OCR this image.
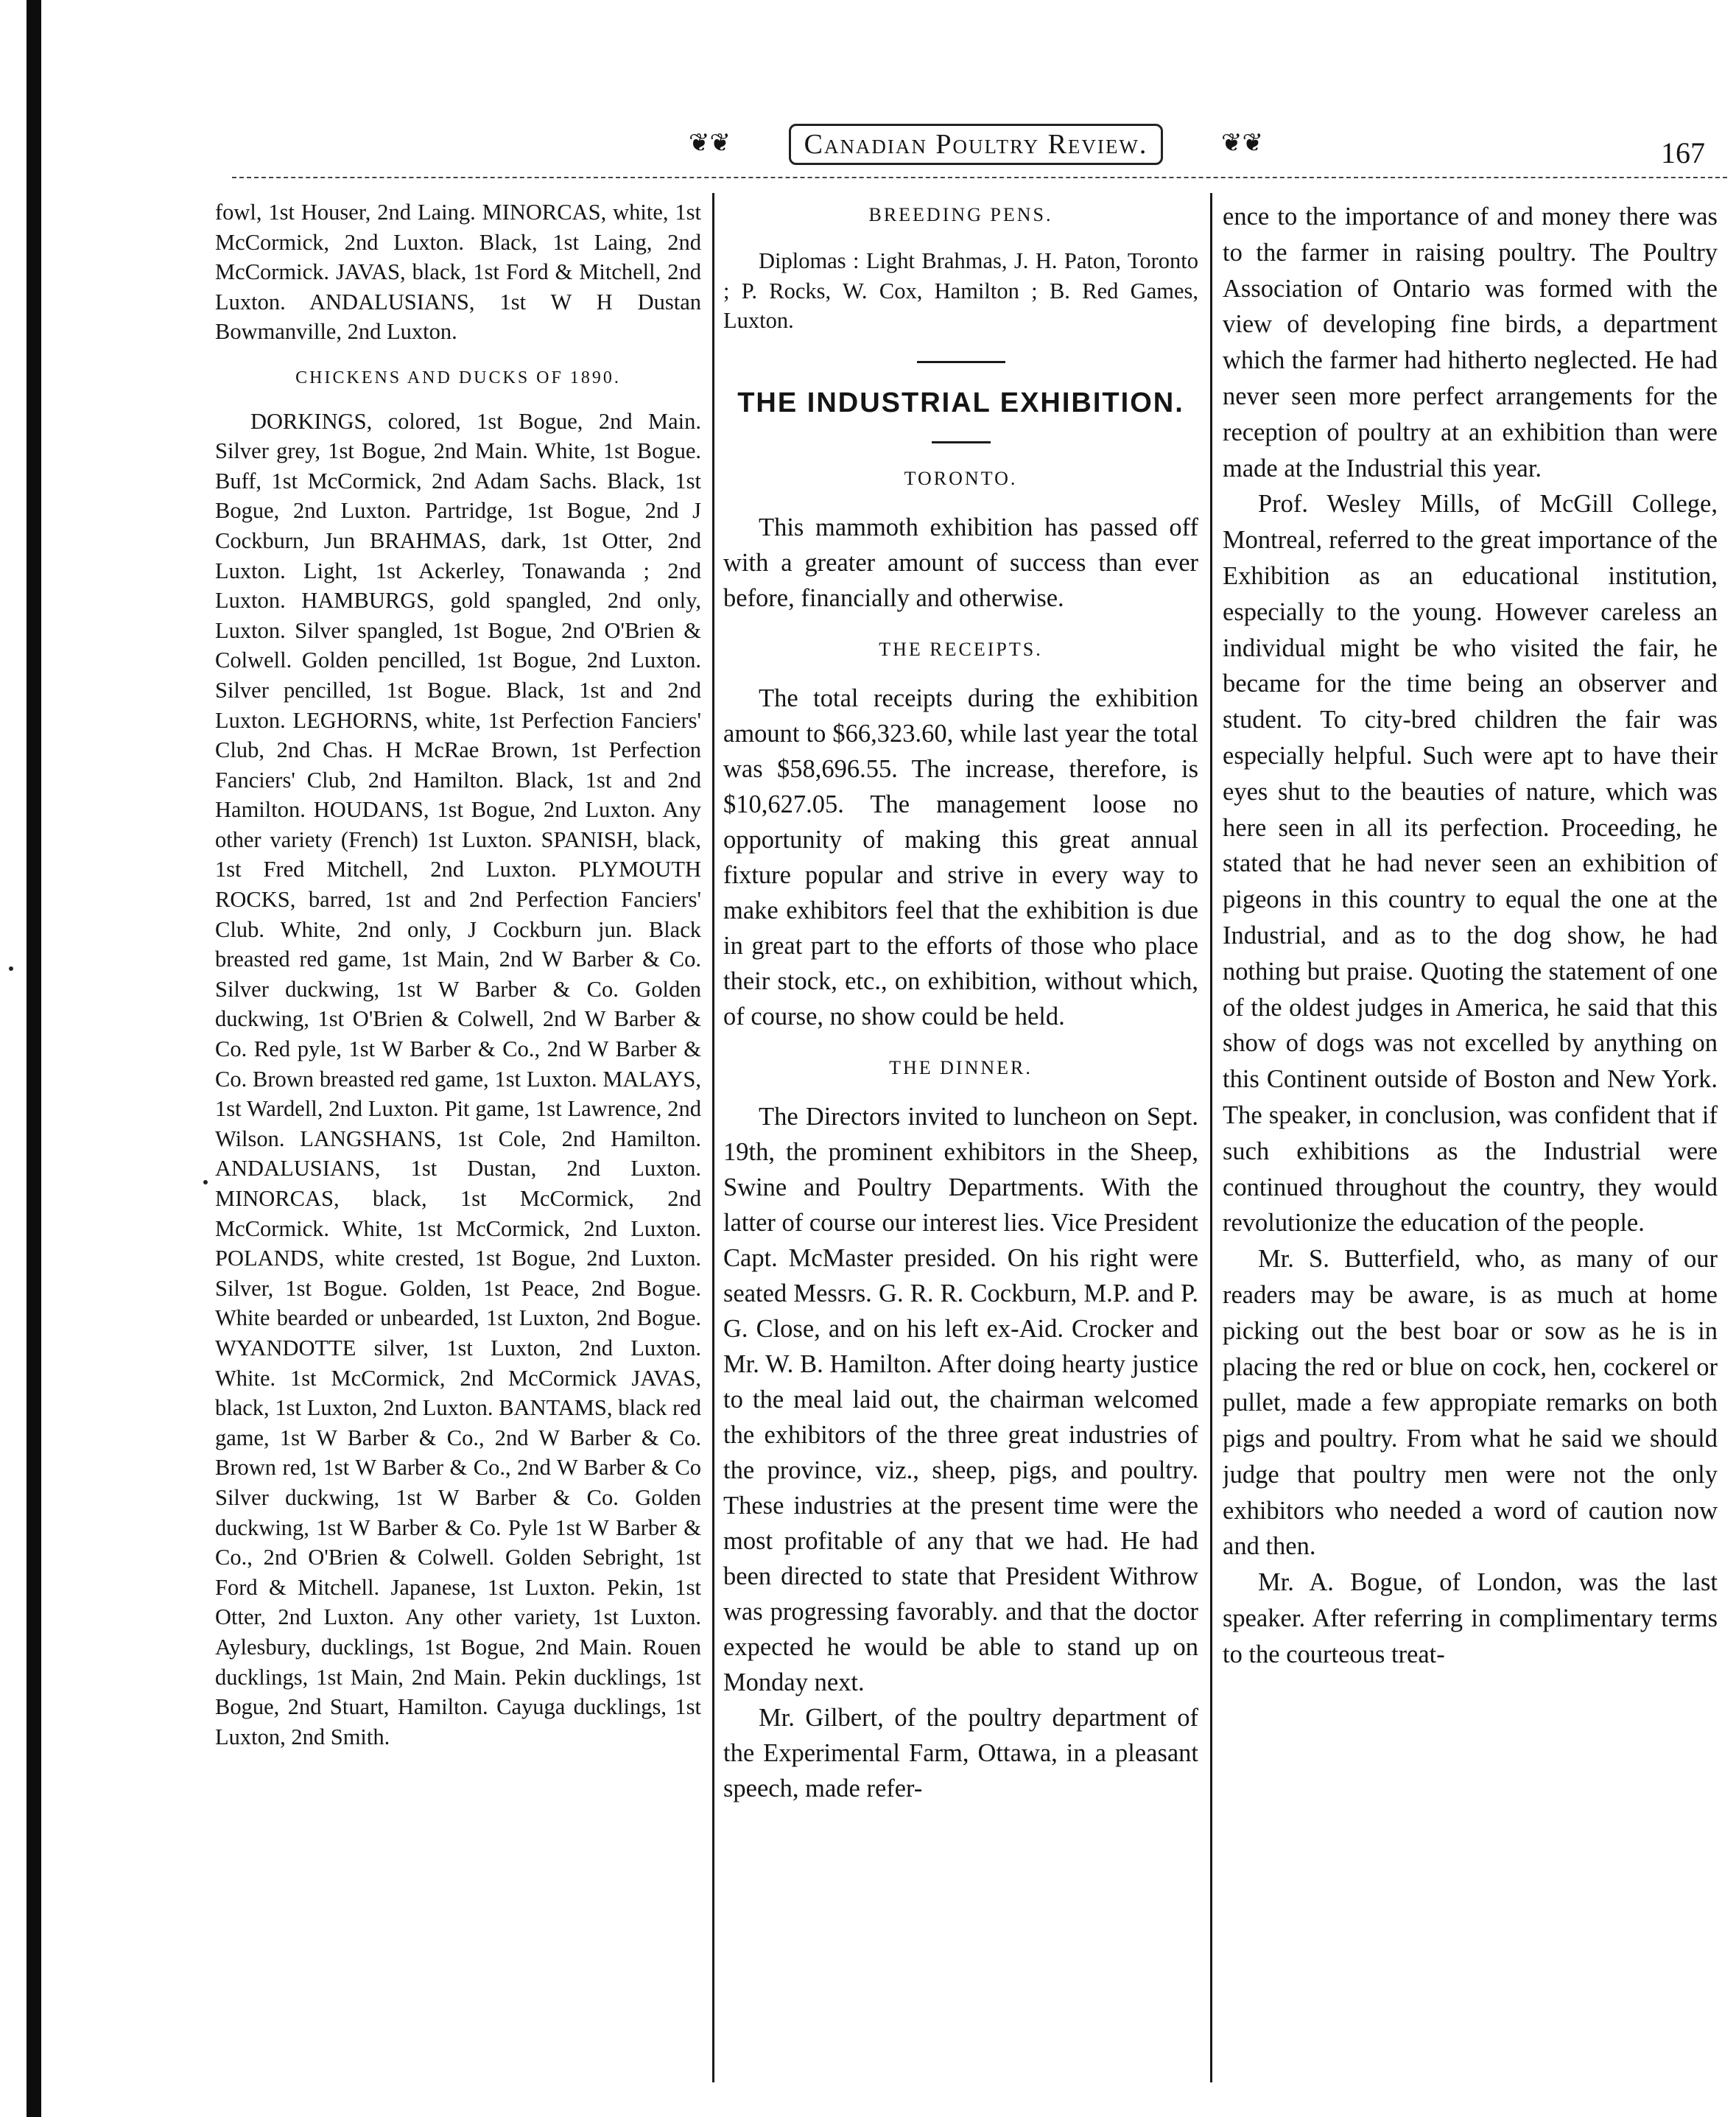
❦❦	Canadian Poultry Review.	❦❦	167

fowl, 1st Houser, 2nd Laing. MINORCAS, white, 1st McCormick, 2nd Luxton. Black, 1st Laing, 2nd McCormick. JAVAS, black, 1st Ford & Mitchell, 2nd Luxton. ANDALUSIANS, 1st W H Dustan Bowmanville, 2nd Luxton.

CHICKENS AND DUCKS OF 1890.

DORKINGS, colored, 1st Bogue, 2nd Main. Silver grey, 1st Bogue, 2nd Main. White, 1st Bogue. Buff, 1st McCormick, 2nd Adam Sachs. Black, 1st Bogue, 2nd Luxton. Partridge, 1st Bogue, 2nd J Cockburn, Jun BRAHMAS, dark, 1st Otter, 2nd Luxton. Light, 1st Ackerley, Tonawanda ; 2nd Luxton. HAMBURGS, gold spangled, 2nd only, Luxton. Silver spangled, 1st Bogue, 2nd O'Brien & Colwell. Golden pencilled, 1st Bogue, 2nd Luxton. Silver pencilled, 1st Bogue. Black, 1st and 2nd Luxton. LEGHORNS, white, 1st Perfection Fanciers' Club, 2nd Chas. H McRae Brown, 1st Perfection Fanciers' Club, 2nd Hamilton. Black, 1st and 2nd Hamilton. HOUDANS, 1st Bogue, 2nd Luxton. Any other variety (French) 1st Luxton. SPANISH, black, 1st Fred Mitchell, 2nd Luxton. PLYMOUTH ROCKS, barred, 1st and 2nd Perfection Fanciers' Club. White, 2nd only, J Cockburn jun. Black breasted red game, 1st Main, 2nd W Barber & Co. Silver duckwing, 1st W Barber & Co. Golden duckwing, 1st O'Brien & Colwell, 2nd W Barber & Co. Red pyle, 1st W Barber & Co., 2nd W Barber & Co. Brown breasted red game, 1st Luxton. MALAYS, 1st Wardell, 2nd Luxton. Pit game, 1st Lawrence, 2nd Wilson. LANGSHANS, 1st Cole, 2nd Hamilton. ANDALUSIANS, 1st Dustan, 2nd Luxton. MINORCAS, black, 1st McCormick, 2nd McCormick. White, 1st McCormick, 2nd Luxton. POLANDS, white crested, 1st Bogue, 2nd Luxton. Silver, 1st Bogue. Golden, 1st Peace, 2nd Bogue. White bearded or unbearded, 1st Luxton, 2nd Bogue. WYANDOTTE silver, 1st Luxton, 2nd Luxton. White. 1st McCormick, 2nd McCormick JAVAS, black, 1st Luxton, 2nd Luxton. BANTAMS, black red game, 1st W Barber & Co., 2nd W Barber & Co. Brown red, 1st W Barber & Co., 2nd W Barber & Co Silver duckwing, 1st W Barber & Co. Golden duckwing, 1st W Barber & Co. Pyle 1st W Barber & Co., 2nd O'Brien & Colwell. Golden Sebright, 1st Ford & Mitchell. Japanese, 1st Luxton. Pekin, 1st Otter, 2nd Luxton. Any other variety, 1st Luxton. Aylesbury, ducklings, 1st Bogue, 2nd Main. Rouen ducklings, 1st Main, 2nd Main. Pekin ducklings, 1st Bogue, 2nd Stuart, Hamilton. Cayuga ducklings, 1st Luxton, 2nd Smith.

BREEDING PENS.

Diplomas : Light Brahmas, J. H. Paton, Toronto ; P. Rocks, W. Cox, Hamilton ; B. Red Games, Luxton.

THE INDUSTRIAL EXHIBITION.
TORONTO.

This mammoth exhibition has passed off with a greater amount of success than ever before, financially and otherwise.

THE RECEIPTS.

The total receipts during the exhibition amount to $66,323.60, while last year the total was $58,696.55. The increase, therefore, is $10,627.05. The management loose no opportunity of making this great annual fixture popular and strive in every way to make exhibitors feel that the exhibition is due in great part to the efforts of those who place their stock, etc., on exhibition, without which, of course, no show could be held.

THE DINNER.

The Directors invited to luncheon on Sept. 19th, the prominent exhibitors in the Sheep, Swine and Poultry Departments. With the latter of course our interest lies. Vice President Capt. McMaster presided. On his right were seated Messrs. G. R. R. Cockburn, M.P. and P. G. Close, and on his left ex-Aid. Crocker and Mr. W. B. Hamilton. After doing hearty justice to the meal laid out, the chairman welcomed the exhibitors of the three great industries of the province, viz., sheep, pigs, and poultry. These industries at the present time were the most profitable of any that we had. He had been directed to state that President Withrow was progressing favorably. and that the doctor expected he would be able to stand up on Monday next.

Mr. Gilbert, of the poultry department of the Experimental Farm, Ottawa, in a pleasant speech, made refer-

ence to the importance of and money there was to the farmer in raising poultry. The Poultry Association of Ontario was formed with the view of developing fine birds, a department which the farmer had hitherto neglected. He had never seen more perfect arrangements for the reception of poultry at an exhibition than were made at the Industrial this year.

Prof. Wesley Mills, of McGill College, Montreal, referred to the great importance of the Exhibition as an educational institution, especially to the young. However careless an individual might be who visited the fair, he became for the time being an observer and student. To city-bred children the fair was especially helpful. Such were apt to have their eyes shut to the beauties of nature, which was here seen in all its perfection. Proceeding, he stated that he had never seen an exhibition of pigeons in this country to equal the one at the Industrial, and as to the dog show, he had nothing but praise. Quoting the statement of one of the oldest judges in America, he said that this show of dogs was not excelled by anything on this Continent outside of Boston and New York. The speaker, in conclusion, was confident that if such exhibitions as the Industrial were continued throughout the country, they would revolutionize the education of the people.

Mr. S. Butterfield, who, as many of our readers may be aware, is as much at home picking out the best boar or sow as he is in placing the red or blue on cock, hen, cockerel or pullet, made a few appropiate remarks on both pigs and poultry. From what he said we should judge that poultry men were not the only exhibitors who needed a word of caution now and then.

Mr. A. Bogue, of London, was the last speaker. After referring in complimentary terms to the courteous treat-
